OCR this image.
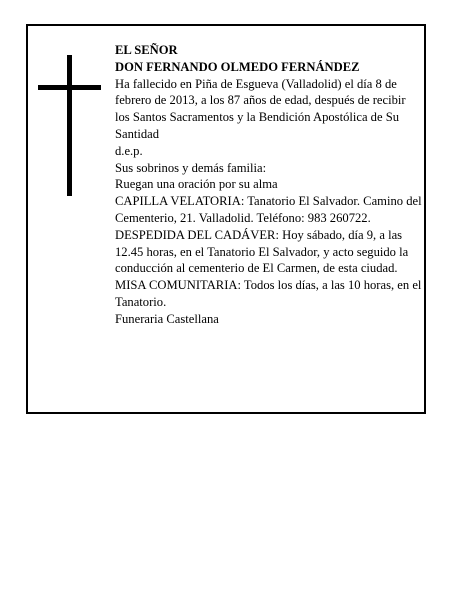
EL SEÑOR

DON FERNANDO OLMEDO FERNÁNDEZ

Ha fallecido en Piña de Esgueva (Valladolid) el día 8 de febrero de 2013, a los 87 años de edad, después de recibir los Santos Sacramentos y la Bendición Apostólica de Su Santidad

d.e.p.

Sus sobrinos y demás familia:

Ruegan una oración por su alma

CAPILLA VELATORIA: Tanatorio El Salvador. Camino del Cementerio, 21. Valladolid. Teléfono: 983 260722.

DESPEDIDA DEL CADÁVER: Hoy sábado, día 9, a las 12.45 horas, en el Tanatorio El Salvador, y acto seguido la conducción al cementerio de El Carmen, de esta ciudad.

MISA COMUNITARIA: Todos los días, a las 10 horas, en el Tanatorio.

Funeraria Castellana
